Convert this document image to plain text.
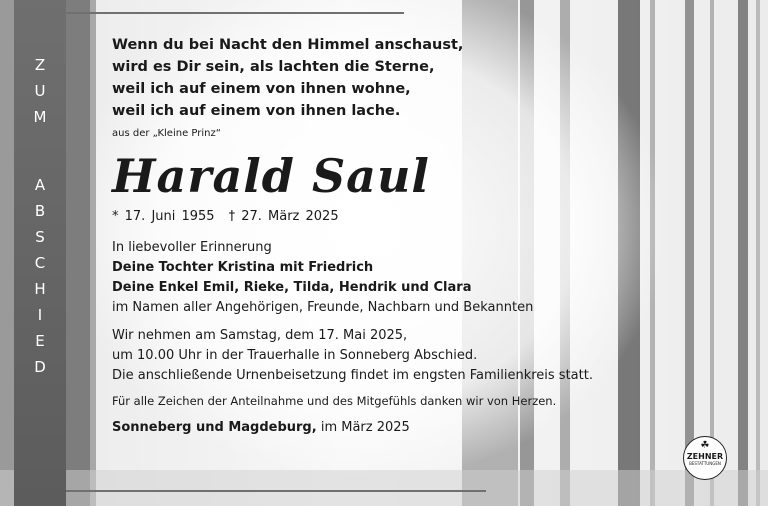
Z
U
M
A
B
S
C
H
I
E
D

Wenn du bei Nacht den Himmel anschaust,
wird es Dir sein, als lachten die Sterne,
weil ich auf einem von ihnen wohne,
weil ich auf einem von ihnen lache.

aus der „Kleine Prinz“
Harald Saul
* 17. Juni 1955 † 27. März 2025
In liebevoller Erinnerung
Deine Tochter Kristina mit Friedrich
Deine Enkel Emil, Rieke, Tilda, Hendrik und Clara
im Namen aller Angehörigen, Freunde, Nachbarn und Bekannten
Wir nehmen am Samstag, dem 17. Mai 2025,
um 10.00 Uhr in der Trauerhalle in Sonneberg Abschied.
Die anschließende Urnenbeisetzung findet im engsten Familienkreis statt.
Für alle Zeichen der Anteilnahme und des Mitgefühls danken wir von Herzen.
Sonneberg und Magdeburg, im März 2025
☘
ZEHNER
BESTATTUNGEN
